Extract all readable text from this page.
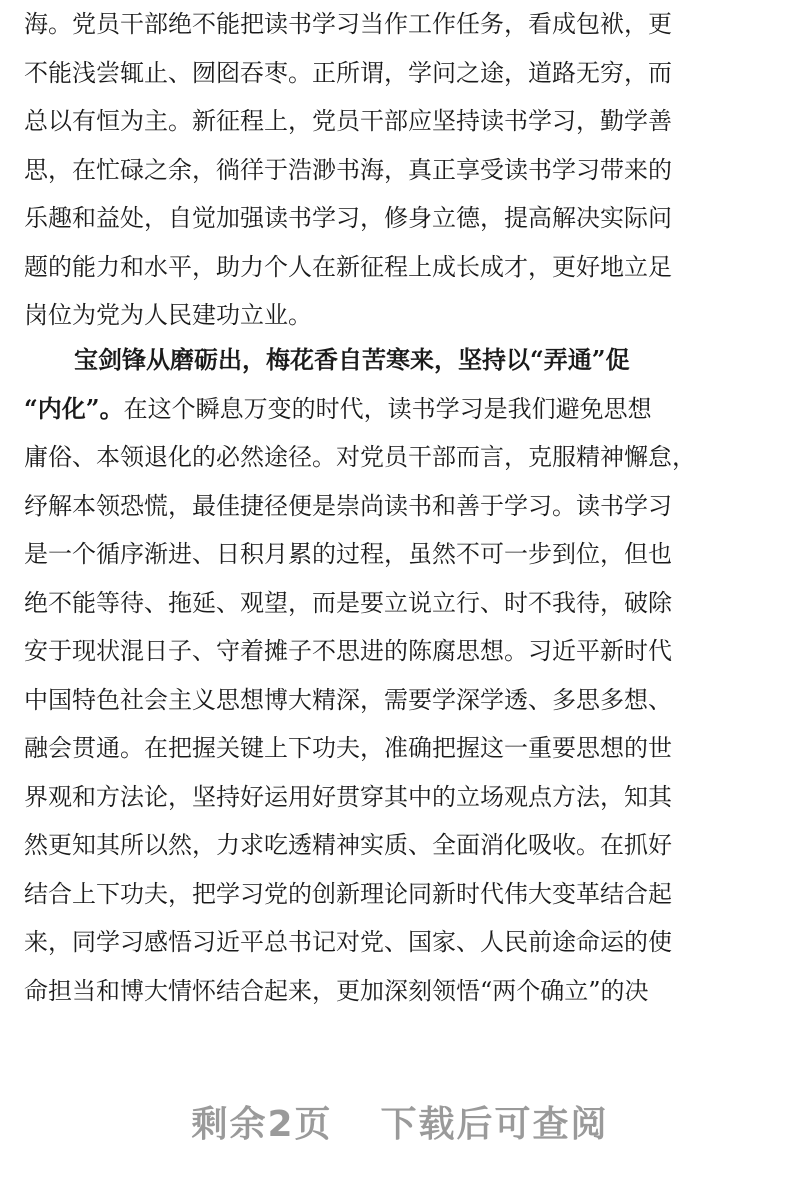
海。党员干部绝不能把读书学习当作工作任务，看成包袱，更
不能浅尝辄止、囫囵吞枣。正所谓，学问之途，道路无穷，而
总以有恒为主。新征程上，党员干部应坚持读书学习，勤学善
思，在忙碌之余，徜徉于浩渺书海，真正享受读书学习带来的
乐趣和益处，自觉加强读书学习，修身立德，提高解决实际问
题的能力和水平，助力个人在新征程上成长成才，更好地立足
岗位为党为人民建功立业。
宝剑锋从磨砺出，梅花香自苦寒来，坚持以“弄通”促
“内化”。在这个瞬息万变的时代，读书学习是我们避免思想
庸俗、本领退化的必然途径。对党员干部而言，克服精神懈怠，
纾解本领恐慌，最佳捷径便是崇尚读书和善于学习。读书学习
是一个循序渐进、日积月累的过程，虽然不可一步到位，但也
绝不能等待、拖延、观望，而是要立说立行、时不我待，破除
安于现状混日子、守着摊子不思进的陈腐思想。习近平新时代
中国特色社会主义思想博大精深，需要学深学透、多思多想、
融会贯通。在把握关键上下功夫，准确把握这一重要思想的世
界观和方法论，坚持好运用好贯穿其中的立场观点方法，知其
然更知其所以然，力求吃透精神实质、全面消化吸收。在抓好
结合上下功夫，把学习党的创新理论同新时代伟大变革结合起
来，同学习感悟习近平总书记对党、国家、人民前途命运的使
命担当和博大情怀结合起来，更加深刻领悟“两个确立”的决
剩余2页 下载后可查阅
